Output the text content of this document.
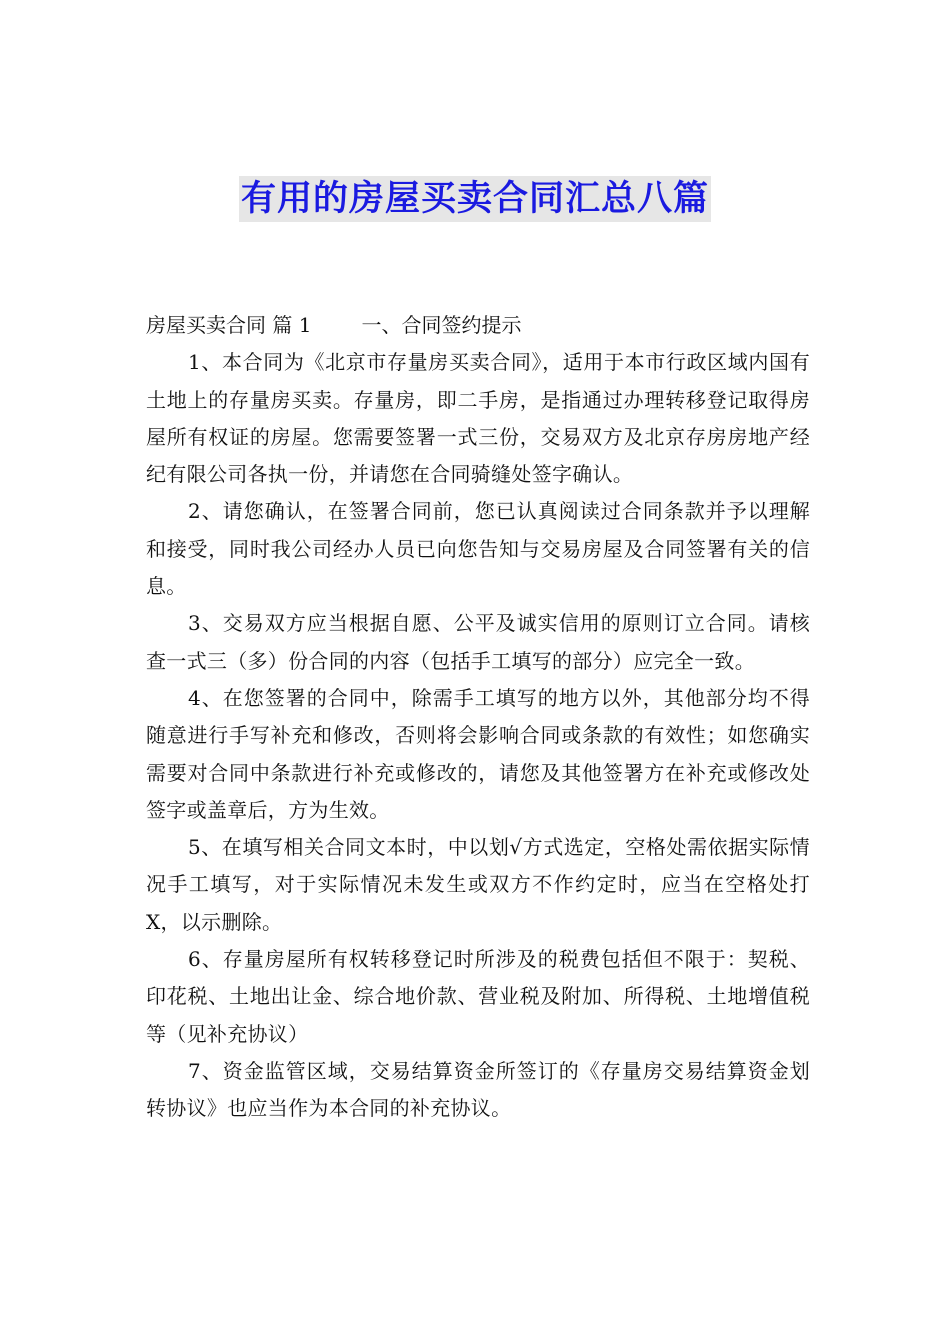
有用的房屋买卖合同汇总八篇
房屋买卖合同 篇 1	一、合同签约提示

1、本合同为《北京市存量房买卖合同》，适用于本市行政区域内国有土地上的存量房买卖。存量房，即二手房，是指通过办理转移登记取得房屋所有权证的房屋。您需要签署一式三份，交易双方及北京存房房地产经纪有限公司各执一份，并请您在合同骑缝处签字确认。

2、请您确认，在签署合同前，您已认真阅读过合同条款并予以理解和接受，同时我公司经办人员已向您告知与交易房屋及合同签署有关的信息。

3、交易双方应当根据自愿、公平及诚实信用的原则订立合同。请核查一式三（多）份合同的内容（包括手工填写的部分）应完全一致。

4、在您签署的合同中，除需手工填写的地方以外，其他部分均不得随意进行手写补充和修改，否则将会影响合同或条款的有效性；如您确实需要对合同中条款进行补充或修改的，请您及其他签署方在补充或修改处签字或盖章后，方为生效。

5、在填写相关合同文本时，中以划√方式选定，空格处需依据实际情况手工填写，对于实际情况未发生或双方不作约定时，应当在空格处打 X，以示删除。

6、存量房屋所有权转移登记时所涉及的税费包括但不限于：契税、印花税、土地出让金、综合地价款、营业税及附加、所得税、土地增值税等（见补充协议）

7、资金监管区域，交易结算资金所签订的《存量房交易结算资金划转协议》也应当作为本合同的补充协议。
